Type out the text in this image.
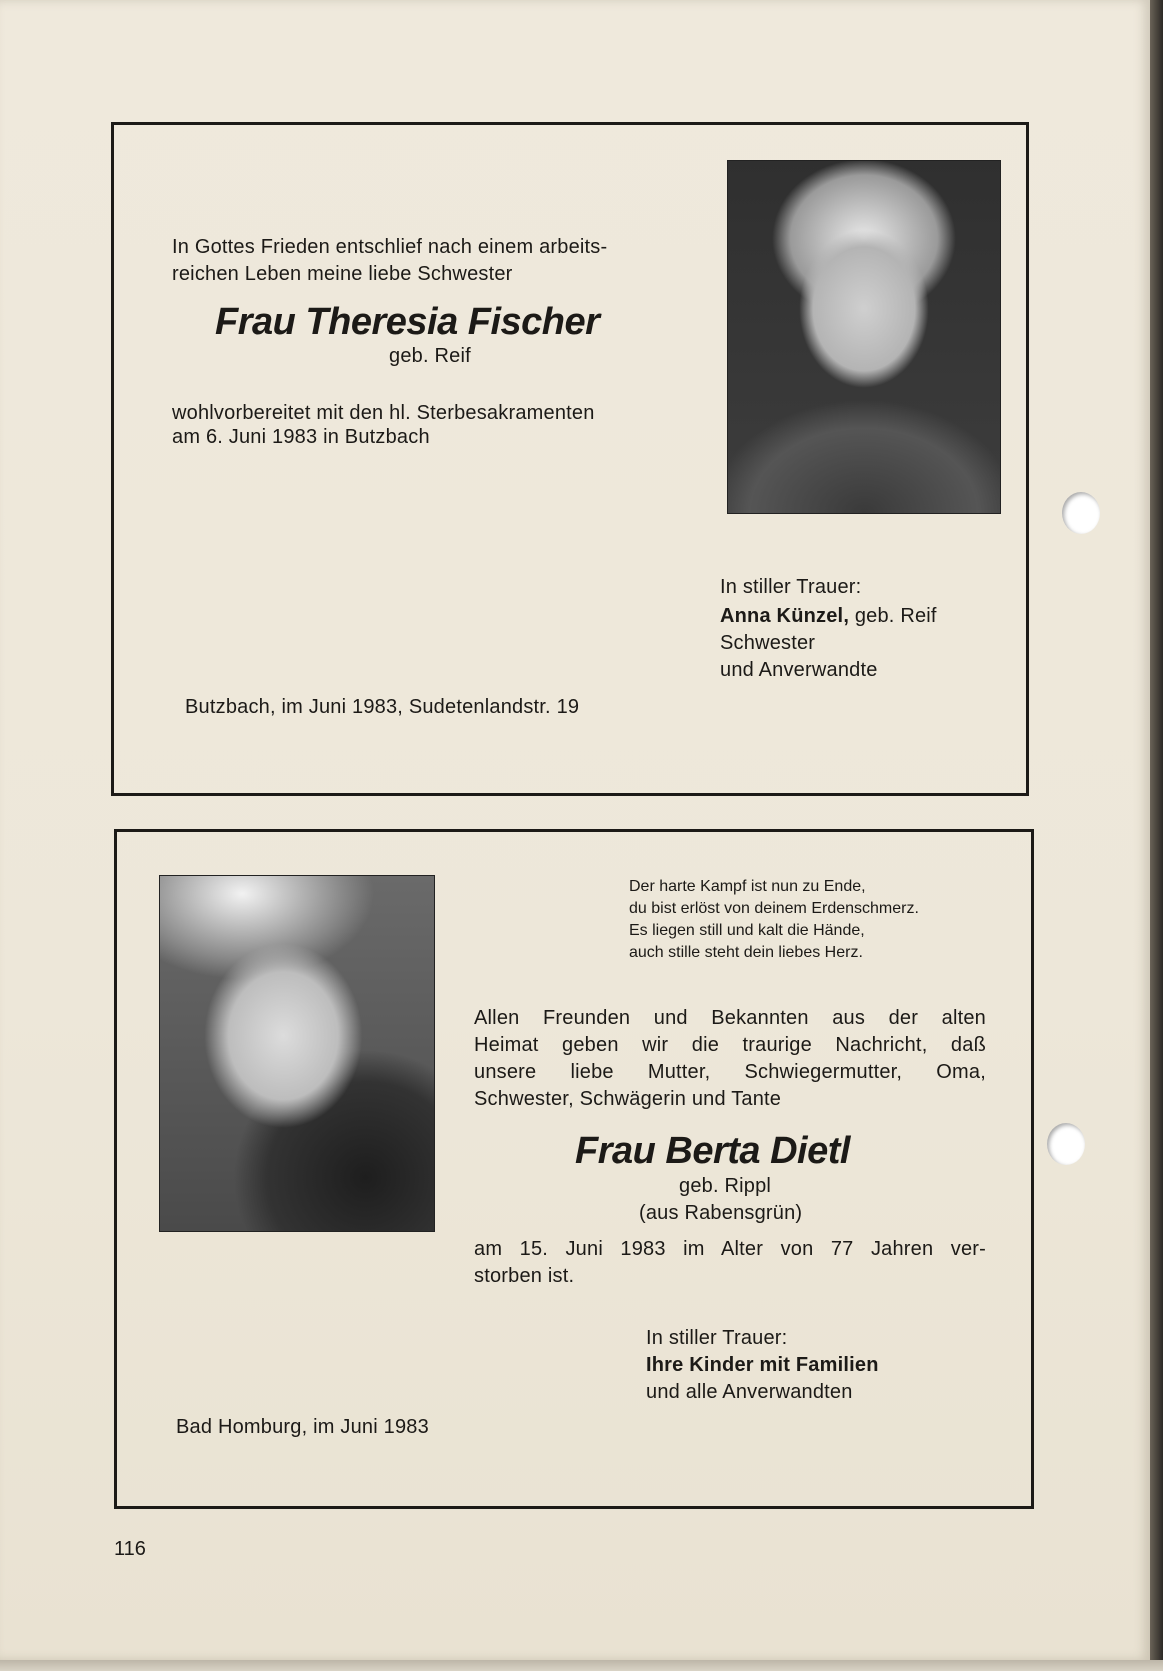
In Gottes Frieden entschlief nach einem arbeits-

reichen Leben meine liebe Schwester

Frau Theresia Fischer

geb. Reif

wohlvorbereitet mit den hl. Sterbesakramenten

am 6. Juni 1983 in Butzbach

In stiller Trauer:

Anna Künzel, geb. Reif

Schwester

und Anverwandte

Butzbach, im Juni 1983, Sudetenlandstr. 19

Der harte Kampf ist nun zu Ende,

du bist erlöst von deinem Erdenschmerz.

Es liegen still und kalt die Hände,

auch stille steht dein liebes Herz.

Allen Freunden und Bekannten aus der alten

Heimat geben wir die traurige Nachricht, daß

unsere liebe Mutter, Schwiegermutter, Oma,

Schwester, Schwägerin und Tante

Frau Berta Dietl

geb. Rippl

(aus Rabensgrün)

am 15. Juni 1983 im Alter von 77 Jahren ver-

storben ist.

In stiller Trauer:

Ihre Kinder mit Familien

und alle Anverwandten

Bad Homburg, im Juni 1983

116
